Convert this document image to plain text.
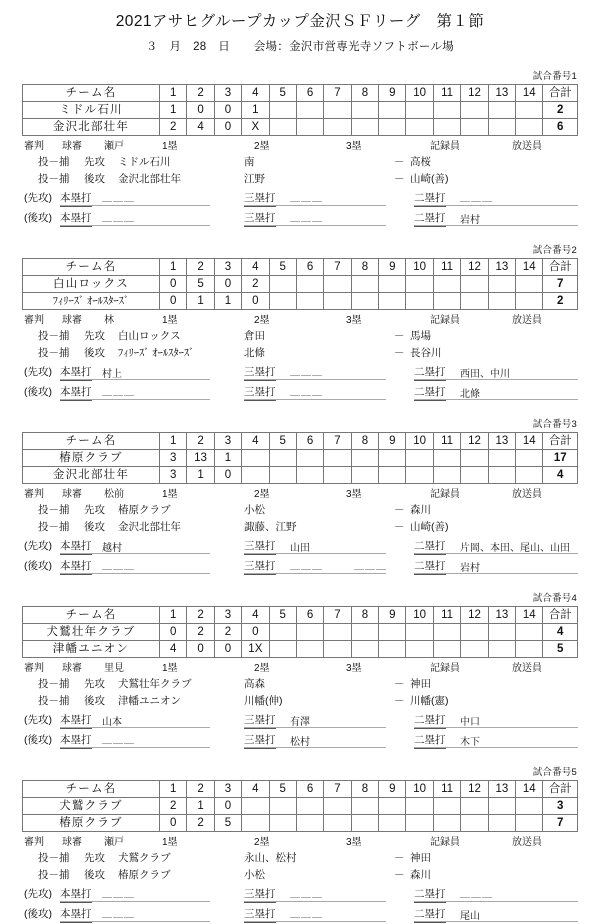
2021アサヒグループカップ金沢ＳＦリーグ　第１節
３　月　28　日　　会場：金沢市営専光寺ソフトボール場
試合番号1
チーム名	1	2	3	4	5	6	7	8	9	10	11	12	13	14	合計
ミドル石川	1	0	0	1											2
金沢北部壮年	2	4	0	X											6
審判 球審 瀬戸	1塁	2塁	3塁	記録員	放送員
投－捕 先攻 ミドル石川	南	－ 高桜
投－捕 後攻 金沢北部壮年	江野	－ 山崎(善)
(先攻) 本塁打 ＿＿＿	三塁打 ＿＿＿	二塁打 ＿＿＿
(後攻) 本塁打 ＿＿＿	三塁打 ＿＿＿	二塁打 岩村
試合番号2
チーム名	1	2	3	4	5	6	7	8	9	10	11	12	13	14	合計
白山ロックス	0	5	0	2											7
ﾌｨﾘｰｽﾞ ｵｰﾙｽﾀｰｽﾞ	0	1	1	0											2
審判 球審 林	1塁	2塁	3塁	記録員	放送員
投－捕 先攻 白山ロックス	倉田	－ 馬場
投－捕 後攻 ﾌｨﾘｰｽﾞ ｵｰﾙｽﾀｰｽﾞ	北條	－ 長谷川
(先攻) 本塁打 村上	三塁打 ＿＿＿	二塁打 西田、中川
(後攻) 本塁打 ＿＿＿	三塁打 ＿＿＿	二塁打 北條
試合番号3
チーム名	1	2	3	4	5	6	7	8	9	10	11	12	13	14	合計
椿原クラブ	3	13	1												17
金沢北部壮年	3	1	0												4
審判 球審 松前	1塁	2塁	3塁	記録員	放送員
投－捕 先攻 椿原クラブ	小松	－ 森川
投－捕 後攻 金沢北部壮年	諏藤、江野	－ 山崎(善)
(先攻) 本塁打 越村	三塁打 山田	二塁打 片岡、本田、尾山、山田
(後攻) 本塁打 ＿＿＿	三塁打 ＿＿＿	＿＿＿	二塁打 岩村
試合番号4
チーム名	1	2	3	4	5	6	7	8	9	10	11	12	13	14	合計
犬鷲壮年クラブ	0	2	2	0											4
津幡ユニオン	4	0	0	1X											5
審判 球審 里見	1塁	2塁	3塁	記録員	放送員
投－捕 先攻 犬鷲壮年クラブ	高森	－ 神田
投－捕 後攻 津幡ユニオン	川幡(伸)	－ 川幡(憲)
(先攻) 本塁打 山本	三塁打 有澤	二塁打 中口
(後攻) 本塁打 ＿＿＿	三塁打 松村	二塁打 木下
試合番号5
チーム名	1	2	3	4	5	6	7	8	9	10	11	12	13	14	合計
犬鷲クラブ	2	1	0												3
椿原クラブ	0	2	5												7
審判 球審 瀬戸	1塁	2塁	3塁	記録員	放送員
投－捕 先攻 犬鷲クラブ	永山、松村	－ 神田
投－捕 後攻 椿原クラブ	小松	－ 森川
(先攻) 本塁打 ＿＿＿	三塁打 ＿＿＿	二塁打 ＿＿＿
(後攻) 本塁打 ＿＿＿	三塁打 ＿＿＿	二塁打 尾山
